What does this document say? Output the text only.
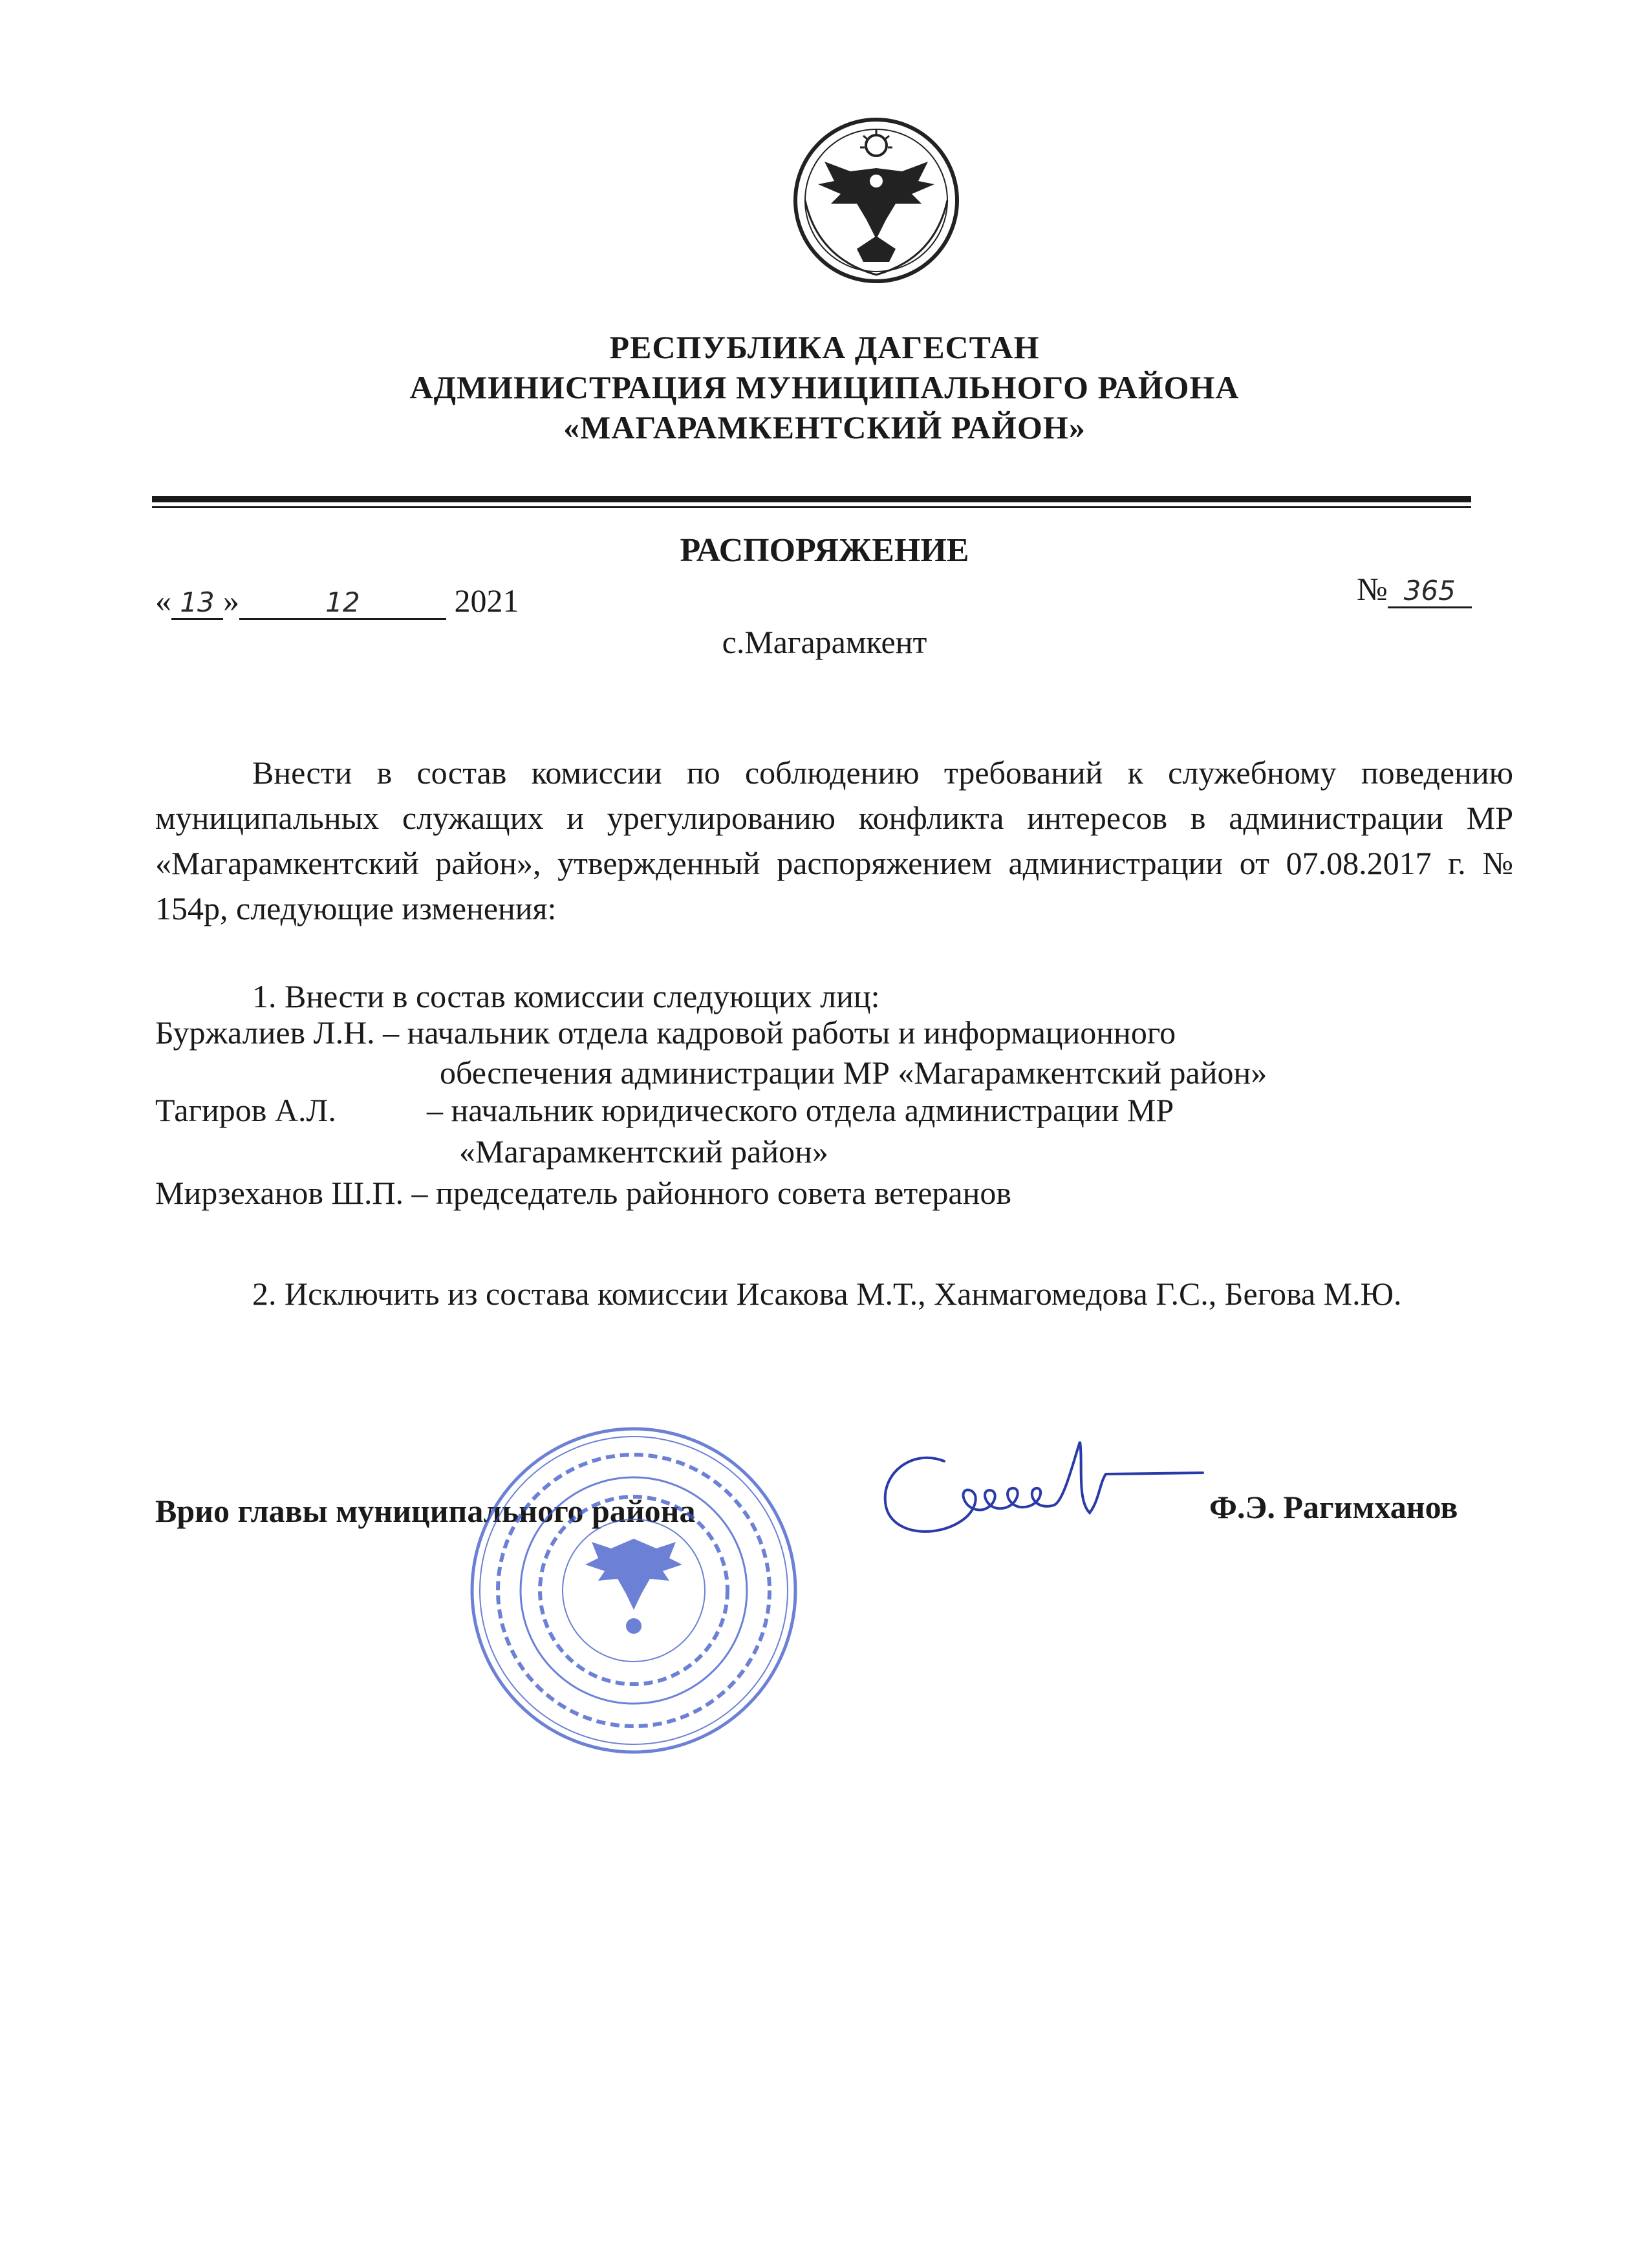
РЕСПУБЛИКА ДАГЕСТАН
АДМИНИСТРАЦИЯ МУНИЦИПАЛЬНОГО РАЙОНА
«МАГАРАМКЕНТСКИЙ РАЙОН»
РАСПОРЯЖЕНИЕ
« 13 »	12	2021	№ 365
с.Магарамкент
Внести в состав комиссии по соблюдению требований к служебному поведению муниципальных служащих и урегулированию конфликта интересов в администрации МР «Магарамкентский район», утвержденный распоряжением администрации от 07.08.2017 г. № 154р, следующие изменения:
1. Внести в состав комиссии следующих лиц:
Буржалиев Л.Н. – начальник отдела кадровой работы и информационного
обеспечения администрации МР «Магарамкентский район»
Тагиров А.Л.	– начальник юридического отдела администрации МР
«Магарамкентский район»
Мирзеханов Ш.П. – председатель районного совета ветеранов
2. Исключить из состава комиссии Исакова М.Т., Ханмагомедова Г.С., Бегова М.Ю.
Врио главы муниципального района	Ф.Э. Рагимханов
